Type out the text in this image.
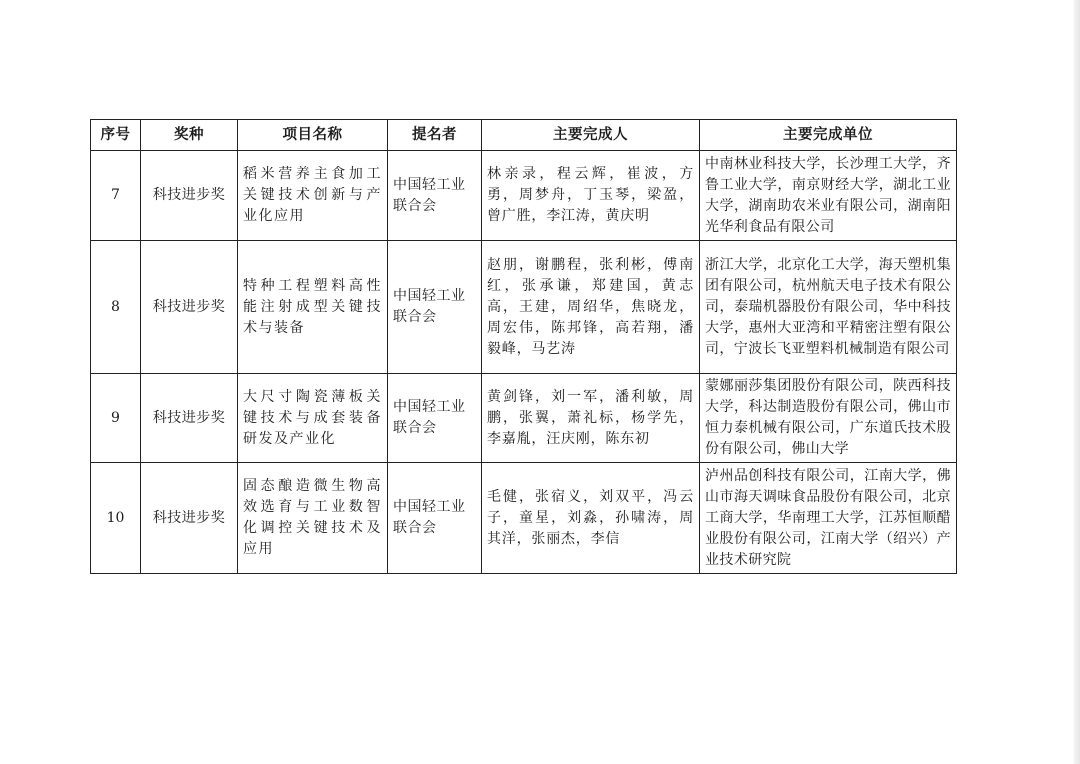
序号	奖种	项目名称	提名者	主要完成人	主要完成单位
7	科技进步奖	稻米营养主食加工关键技术创新与产业化应用	中国轻工业联合会	林亲录，程云辉，崔波，方勇，周梦舟，丁玉琴，梁盈，曾广胜，李江涛，黄庆明	中南林业科技大学，长沙理工大学，齐鲁工业大学，南京财经大学，湖北工业大学，湖南助农米业有限公司，湖南阳光华利食品有限公司
8	科技进步奖	特种工程塑料高性能注射成型关键技术与装备	中国轻工业联合会	赵朋，谢鹏程，张利彬，傅南红，张承谦，郑建国，黄志高，王建，周绍华，焦晓龙，周宏伟，陈邦锋，高若翔，潘毅峰，马艺涛	浙江大学，北京化工大学，海天塑机集团有限公司，杭州航天电子技术有限公司，泰瑞机器股份有限公司，华中科技大学，惠州大亚湾和平精密注塑有限公司，宁波长飞亚塑料机械制造有限公司
9	科技进步奖	大尺寸陶瓷薄板关键技术与成套装备研发及产业化	中国轻工业联合会	黄剑锋，刘一军，潘利敏，周鹏，张翼，萧礼标，杨学先，李嘉胤，汪庆刚，陈东初	蒙娜丽莎集团股份有限公司，陕西科技大学，科达制造股份有限公司，佛山市恒力泰机械有限公司，广东道氏技术股份有限公司，佛山大学
10	科技进步奖	固态酿造微生物高效选育与工业数智化调控关键技术及应用	中国轻工业联合会	毛健，张宿义，刘双平，冯云子，童星，刘淼，孙啸涛，周其洋，张丽杰，李信	泸州品创科技有限公司，江南大学，佛山市海天调味食品股份有限公司，北京工商大学，华南理工大学，江苏恒顺醋业股份有限公司，江南大学（绍兴）产业技术研究院
